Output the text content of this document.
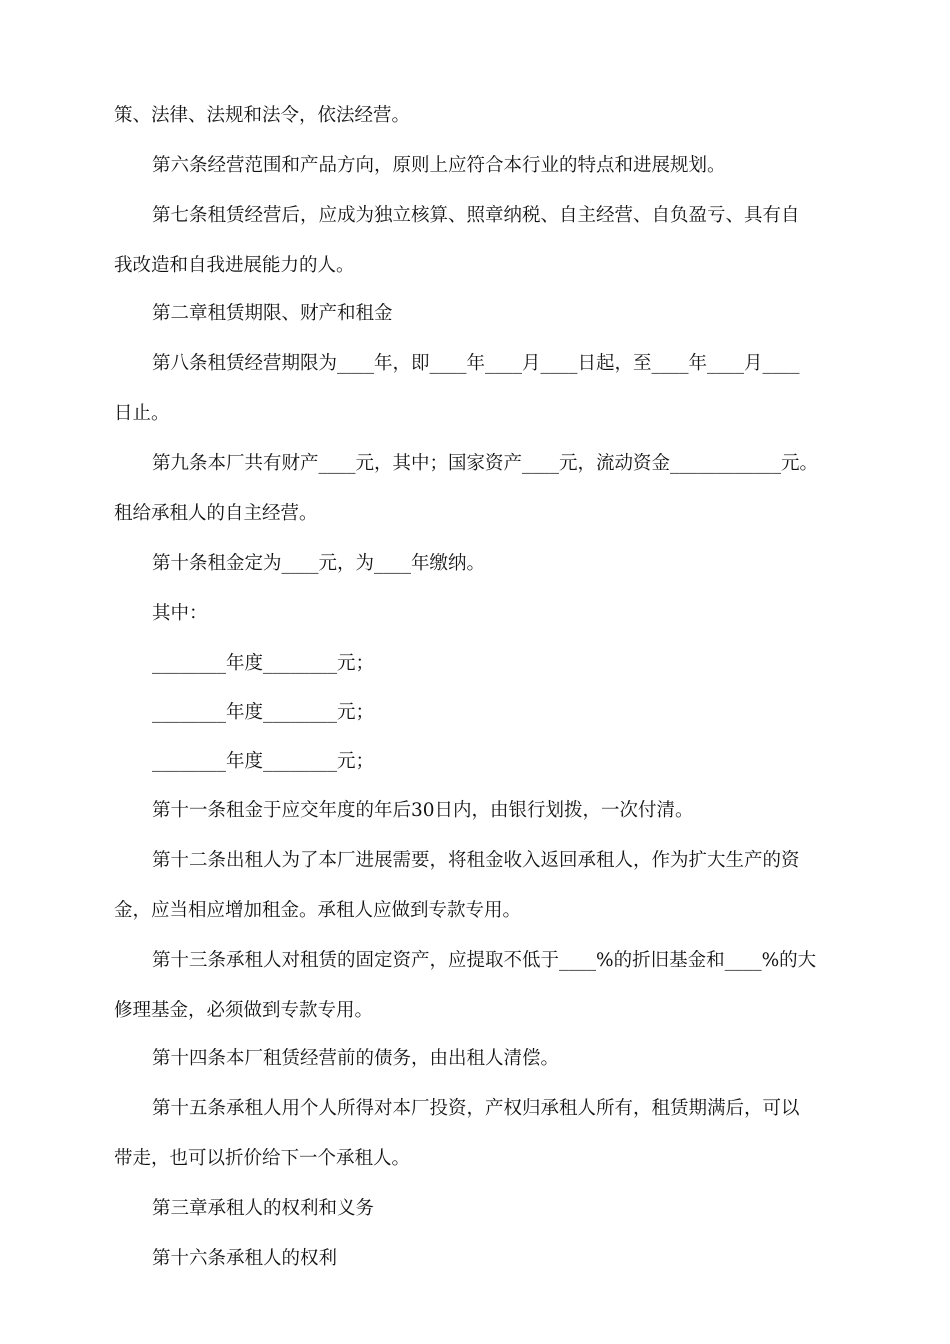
策、法律、法规和法令，依法经营。

第六条经营范围和产品方向，原则上应符合本行业的特点和进展规划。

第七条租赁经营后，应成为独立核算、照章纳税、自主经营、自负盈亏、具有自

我改造和自我进展能力的人。

第二章租赁期限、财产和租金

第八条租赁经营期限为____年，即____年____月____日起，至____年____月____

日止。

第九条本厂共有财产____元，其中；国家资产____元，流动资金____________元。

租给承租人的自主经营。

第十条租金定为____元，为____年缴纳。

其中：

________年度________元；

________年度________元；

________年度________元；

第十一条租金于应交年度的年后30日内，由银行划拨，一次付清。

第十二条出租人为了本厂进展需要，将租金收入返回承租人，作为扩大生产的资

金，应当相应增加租金。承租人应做到专款专用。

第十三条承租人对租赁的固定资产，应提取不低于____%的折旧基金和____%的大

修理基金，必须做到专款专用。

第十四条本厂租赁经营前的债务，由出租人清偿。

第十五条承租人用个人所得对本厂投资，产权归承租人所有，租赁期满后，可以

带走，也可以折价给下一个承租人。

第三章承租人的权利和义务

第十六条承租人的权利
